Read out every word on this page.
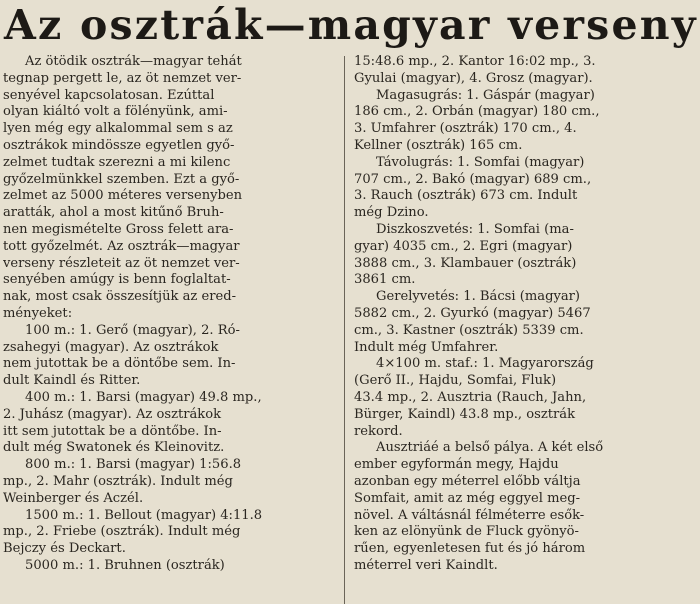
Az osztrák—magyar verseny
Az ötödik osztrák—magyar tehát
tegnap pergett le, az öt nemzet ver-
senyével kapcsolatosan. Ezúttal
olyan kiáltó volt a fölényünk, ami-
lyen még egy alkalommal sem s az
osztrákok mindössze egyetlen győ-
zelmet tudtak szerezni a mi kilenc
győzelmünkkel szemben. Ezt a győ-
zelmet az 5000 méteres versenyben
aratták, ahol a most kitűnő Bruh-
nen megismételte Gross felett ara-
tott győzelmét. Az osztrák—magyar
verseny részleteit az öt nemzet ver-
senyében amúgy is benn foglaltat-
nak, most csak összesítjük az ered-
ményeket:
100 m.: 1. Gerő (magyar), 2. Ró-
zsahegyi (magyar). Az osztrákok
nem jutottak be a döntőbe sem. In-
dult Kaindl és Ritter.
400 m.: 1. Barsi (magyar) 49.8 mp.,
2. Juhász (magyar). Az osztrákok
itt sem jutottak be a döntőbe. In-
dult még Swatonek és Kleinovitz.
800 m.: 1. Barsi (magyar) 1:56.8
mp., 2. Mahr (osztrák). Indult még
Weinberger és Aczél.
1500 m.: 1. Bellout (magyar) 4:11.8
mp., 2. Friebe (osztrák). Indult még
Bejczy és Deckart.
5000 m.: 1. Bruhnen (osztrák)
15:48.6 mp., 2. Kantor 16:02 mp., 3.
Gyulai (magyar), 4. Grosz (magyar).
Magasugrás: 1. Gáspár (magyar)
186 cm., 2. Orbán (magyar) 180 cm.,
3. Umfahrer (osztrák) 170 cm., 4.
Kellner (osztrák) 165 cm.
Távolugrás: 1. Somfai (magyar)
707 cm., 2. Bakó (magyar) 689 cm.,
3. Rauch (osztrák) 673 cm. Indult
még Dzino.
Diszkoszvetés: 1. Somfai (ma-
gyar) 4035 cm., 2. Egri (magyar)
3888 cm., 3. Klambauer (osztrák)
3861 cm.
Gerelyvetés: 1. Bácsi (magyar)
5882 cm., 2. Gyurkó (magyar) 5467
cm., 3. Kastner (osztrák) 5339 cm.
Indult még Umfahrer.
4×100 m. staf.: 1. Magyarország
(Gerő II., Hajdu, Somfai, Fluk)
43.4 mp., 2. Ausztria (Rauch, Jahn,
Bürger, Kaindl) 43.8 mp., osztrák
rekord.
Ausztriáé a belső pálya. A két első
ember egyformán megy, Hajdu
azonban egy méterrel előbb váltja
Somfait, amit az még eggyel meg-
növel. A váltásnál félméterre esők-
ken az elönyünk de Fluck gyönyö-
rűen, egyenletesen fut és jó három
méterrel veri Kaindlt.
